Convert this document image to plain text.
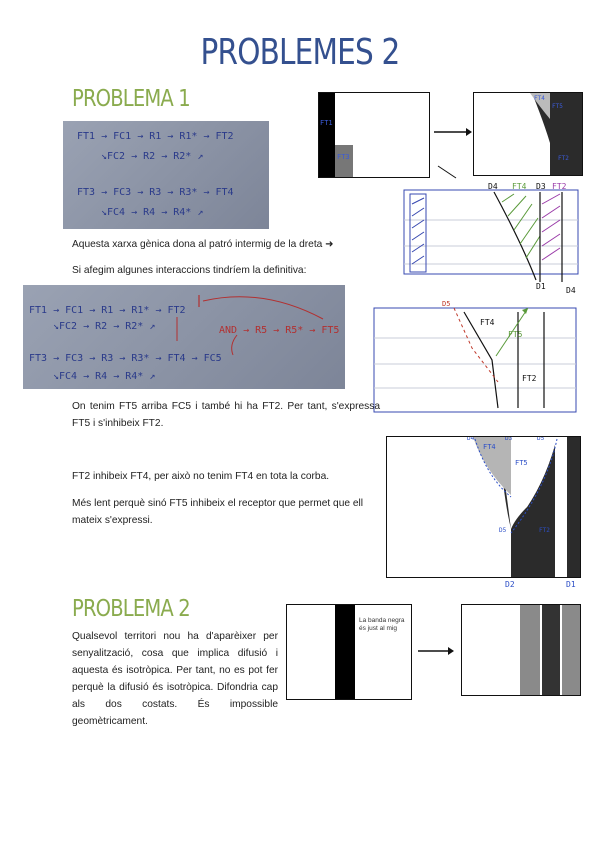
PROBLEMES 2
PROBLEMA 1
FT1 → FC1 → R1 → R1* → FT2
↘FC2 → R2 → R2* ↗
FT3 → FC3 → R3 → R3* → FT4
↘FC4 → R4 → R4* ↗
FT1
FT3
FT4
FT5
FT2
D4 FT4 D3 FT2
D1	D4
Aquesta xarxa gènica dona al patró intermig de la dreta ➜
Si afegim algunes interaccions tindríem la definitiva:
FT1 → FC1 → R1 → R1* → FT2
↘FC2 → R2 → R2* ↗
FT3 → FC3 → R3 → R3* → FT4 → FC5
↘FC4 → R4 → R4* ↗
AND → R5 → R5* → FT5
D5
FT4
FT5
FT2
On tenim FT5 arriba FC5 i també hi ha FT2. Per tant, s'expressa FT5 i s'inhibeix FT2.
D4	D3	D5
FT4
FT5
D5	FT2
D2	D1
FT2 inhibeix FT4, per això no tenim FT4 en tota la corba.
Més lent perquè sinó FT5 inhibeix el receptor que permet que ell mateix s'expressi.
PROBLEMA 2
Qualsevol territori nou ha d'aparèixer per senyalització, cosa que implica difusió i aquesta és isotròpica. Per tant, no es pot fer perquè la difusió és isotròpica. Difondria cap als dos costats. És impossible geomètricament.
La banda negra és just al mig
